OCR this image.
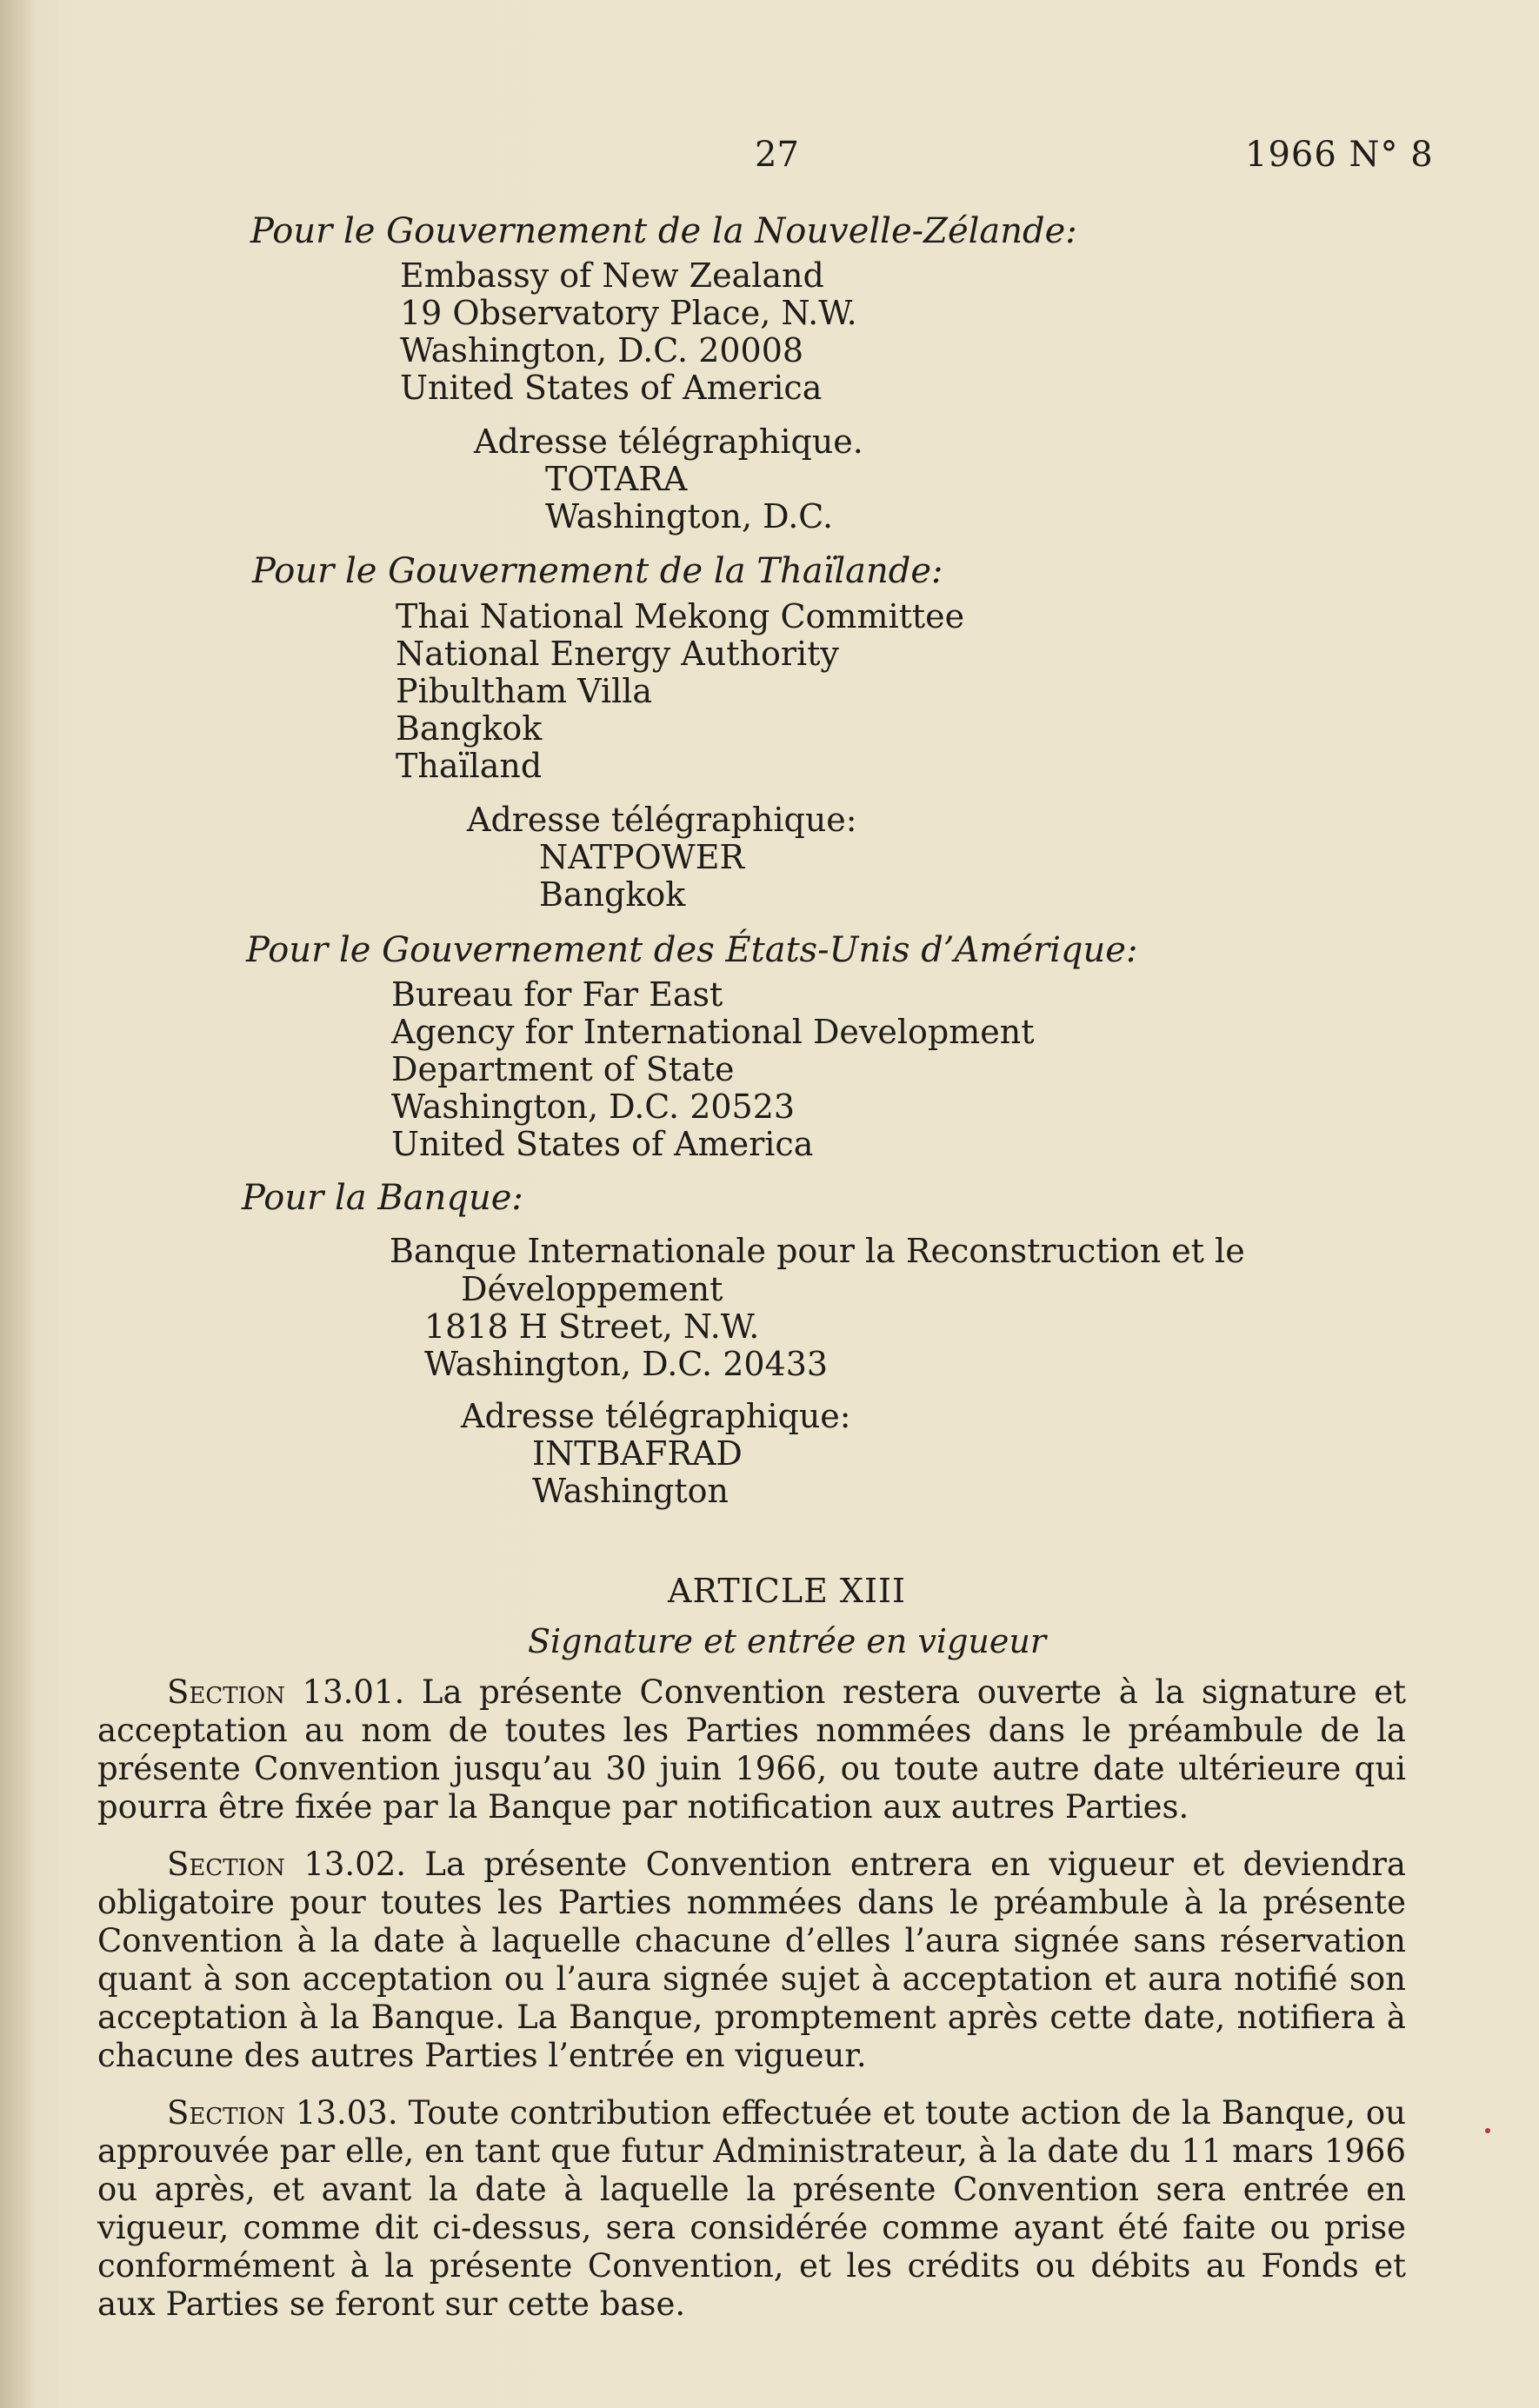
27	1966 N° 8
Pour le Gouvernement de la Nouvelle-Zélande:
Embassy of New Zealand
19 Observatory Place, N.W.
Washington, D.C. 20008
United States of America
Adresse télégraphique.
TOTARA
Washington, D.C.
Pour le Gouvernement de la Thaïlande:
Thai National Mekong Committee
National Energy Authority
Pibultham Villa
Bangkok
Thaïland
Adresse télégraphique:
NATPOWER
Bangkok
Pour le Gouvernement des États-Unis d’Amérique:
Bureau for Far East
Agency for International Development
Department of State
Washington, D.C. 20523
United States of America
Pour la Banque:
Banque Internationale pour la Reconstruction et le
Développement
1818 H Street, N.W.
Washington, D.C. 20433
Adresse télégraphique:
INTBAFRAD
Washington
ARTICLE XIII
Signature et entrée en vigueur

Section 13.01. La présente Convention restera ouverte à la signature et acceptation au nom de toutes les Parties nommées dans le préambule de la présente Convention jusqu’au 30 juin 1966, ou toute autre date ultérieure qui pourra être fixée par la Banque par notification aux autres Parties.

Section 13.02. La présente Convention entrera en vigueur et deviendra obligatoire pour toutes les Parties nommées dans le préambule à la présente Convention à la date à laquelle chacune d’elles l’aura signée sans réservation quant à son acceptation ou l’aura signée sujet à acceptation et aura notifié son acceptation à la Banque. La Banque, promptement après cette date, notifiera à chacune des autres Parties l’entrée en vigueur.

Section 13.03. Toute contribution effectuée et toute action de la Banque, ou approuvée par elle, en tant que futur Administrateur, à la date du 11 mars 1966 ou après, et avant la date à laquelle la présente Convention sera entrée en vigueur, comme dit ci-dessus, sera considérée comme ayant été faite ou prise conformément à la présente Convention, et les crédits ou débits au Fonds et aux Parties se feront sur cette base.
